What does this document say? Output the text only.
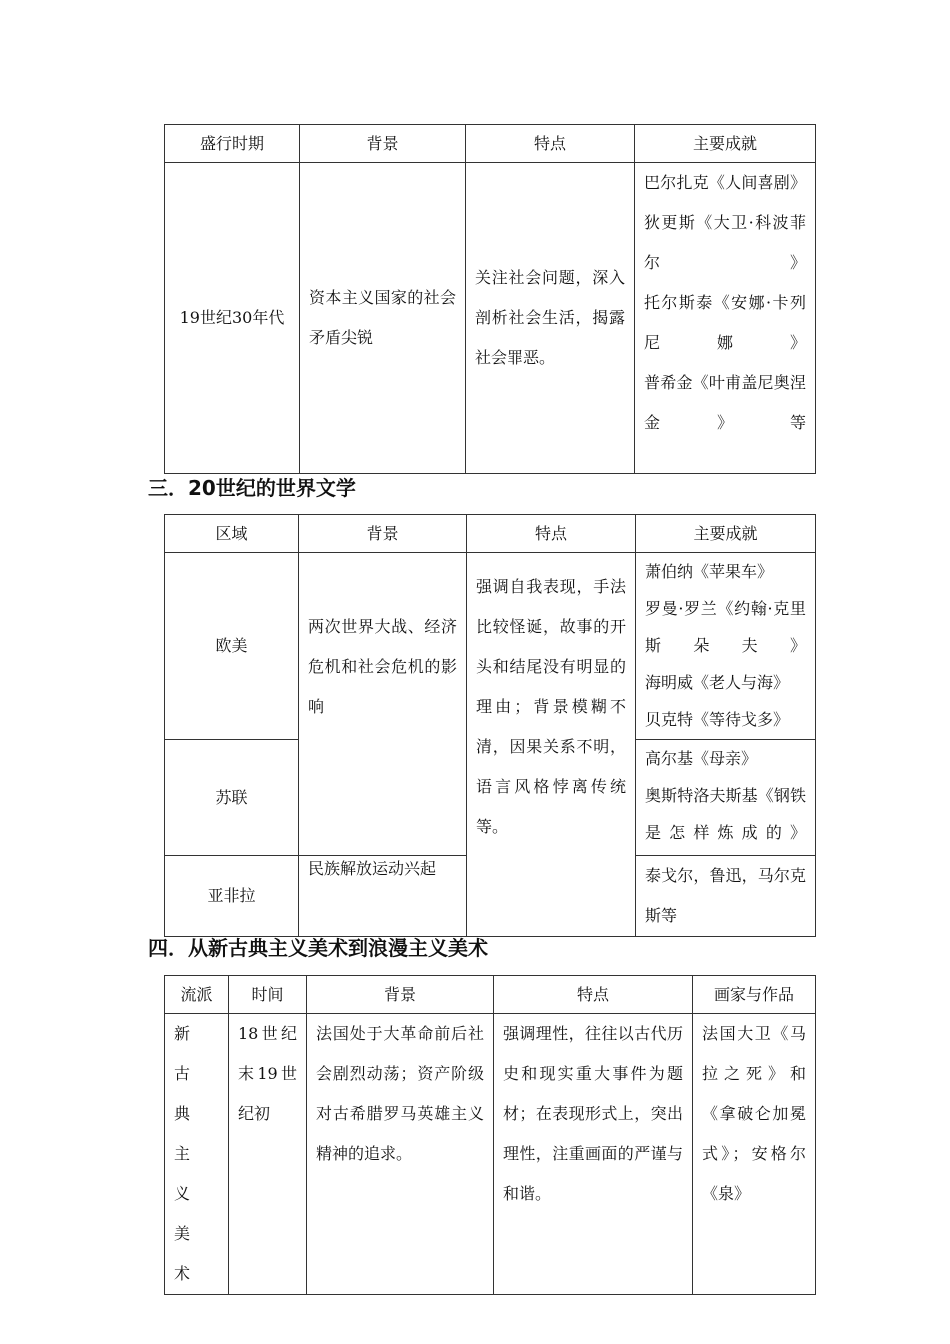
盛行时期	背景	特点	主要成就
19世纪30年代	资本主义国家的社会矛盾尖锐	关注社会问题，深入剖析社会生活，揭露社会罪恶。	巴尔扎克《人间喜剧》
狄更斯《大卫·科波菲尔》
托尔斯泰《安娜·卡列尼娜》
普希金《叶甫盖尼奥涅金》等
三．20世纪的世界文学
区域	背景	特点	主要成就
欧美	两次世界大战、经济危机和社会危机的影响	强调自我表现，手法比较怪诞，故事的开头和结尾没有明显的理由；背景模糊不清，因果关系不明，语言风格悖离传统等。	萧伯纳《苹果车》
罗曼·罗兰《约翰·克里斯朵夫》
海明威《老人与海》
贝克特《等待戈多》

苏联			高尔基《母亲》
奥斯特洛夫斯基《钢铁是怎样炼成的》

亚非拉	民族解放运动兴起		泰戈尔，鲁迅，马尔克斯等
四．从新古典主义美术到浪漫主义美术
流派	时间	背景	特点	画家与作品
新古典主义美术	18世纪末19世纪初	法国处于大革命前后社会剧烈动荡；资产阶级对古希腊罗马英雄主义精神的追求。	强调理性，往往以古代历史和现实重大事件为题材；在表现形式上，突出理性，注重画面的严谨与和谐。	法国大卫《马拉之死》和《拿破仑加冕式》；安格尔《泉》
